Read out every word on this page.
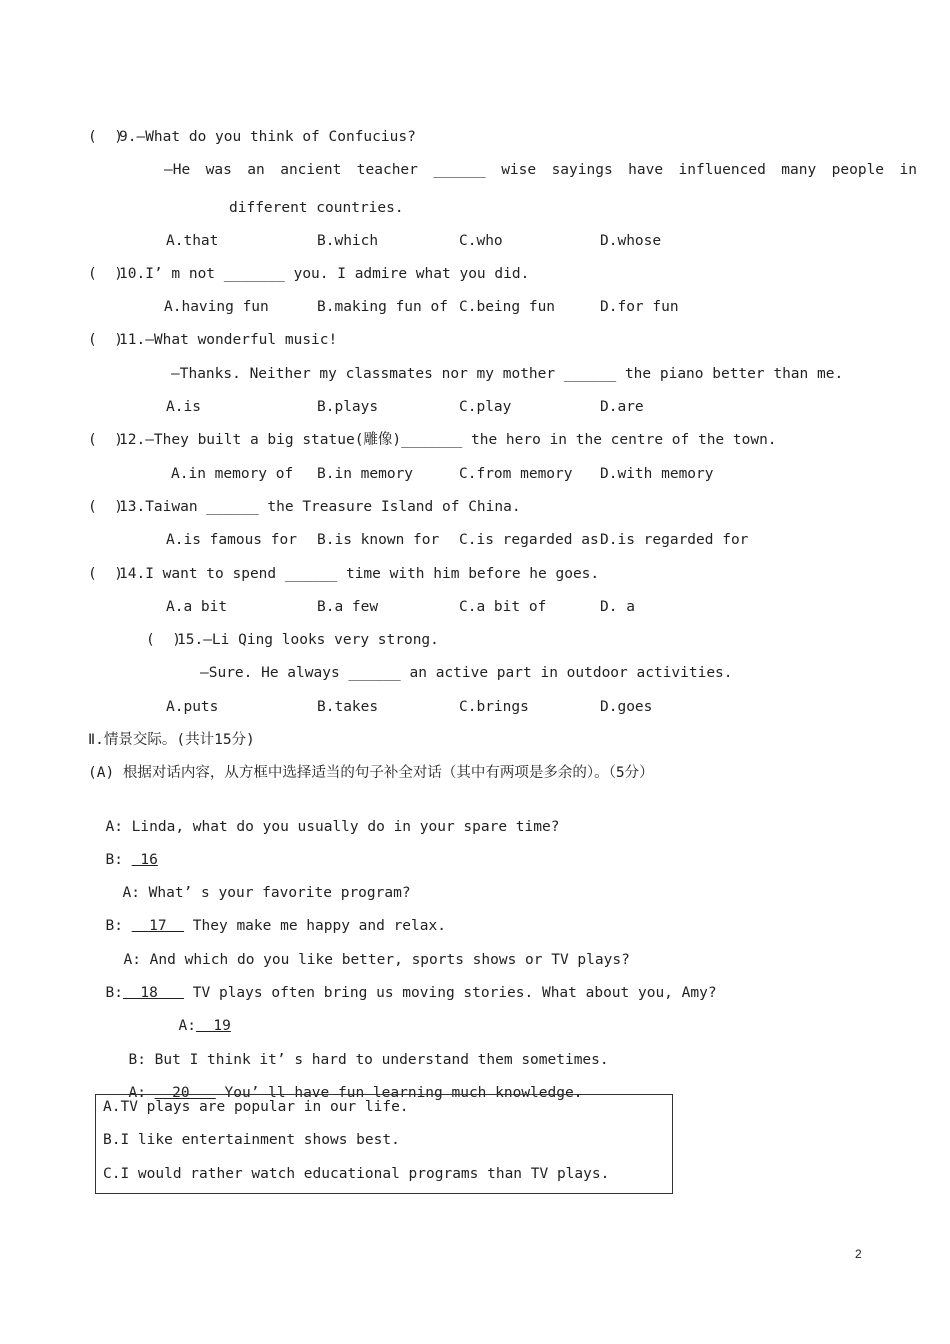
(  )
9.—What do you think of Confucius?
—He  was  an  ancient  teacher  ______  wise  sayings  have  influenced  many  people  in
different countries.
A.that	B.which	C.who	D.whose
(  )
10.I’ m not _______ you. I admire what you did.
A.having fun	B.making fun of C.being fun	D.for fun
(  )
11.—What wonderful music!
—Thanks. Neither my classmates nor my mother ______ the piano better than me.
A.is	B.plays	C.play	D.are
(  )
12.—They built a big statue(雕像)_______ the hero in the centre of the town.
A.in memory of B.in memory	C.from memory D.with memory
(  )
13.Taiwan ______ the Treasure Island of China.
A.is famous for B.is known for C.is regarded as D.is regarded for
(  )
14.I want to spend ______ time with him before he goes.
A.a bit	B.a few	C.a bit of	D. a
(  )
15.—Li Qing looks very strong.
—Sure. He always ______ an active part in outdoor activities.
A.puts	B.takes	C.brings	D.goes
Ⅱ.情景交际。(共计15分)
(A) 根据对话内容，从方框中选择适当的句子补全对话（其中有两项是多余的）。（5分）

A: Linda, what do you usually do in your spare time?

B:  16

A: What’ s your favorite program?

B:   17   They make me happy and relax.

A: And which do you like better, sports shows or TV plays?

B:  18    TV plays often bring us moving stories. What about you, Amy?

A:  19

B: But I think it’ s hard to understand them sometimes.

A:   20    You’ ll have fun learning much knowledge.

A.TV plays are popular in our life.
B.I like entertainment shows best.
C.I would rather watch educational programs than TV plays.
2
